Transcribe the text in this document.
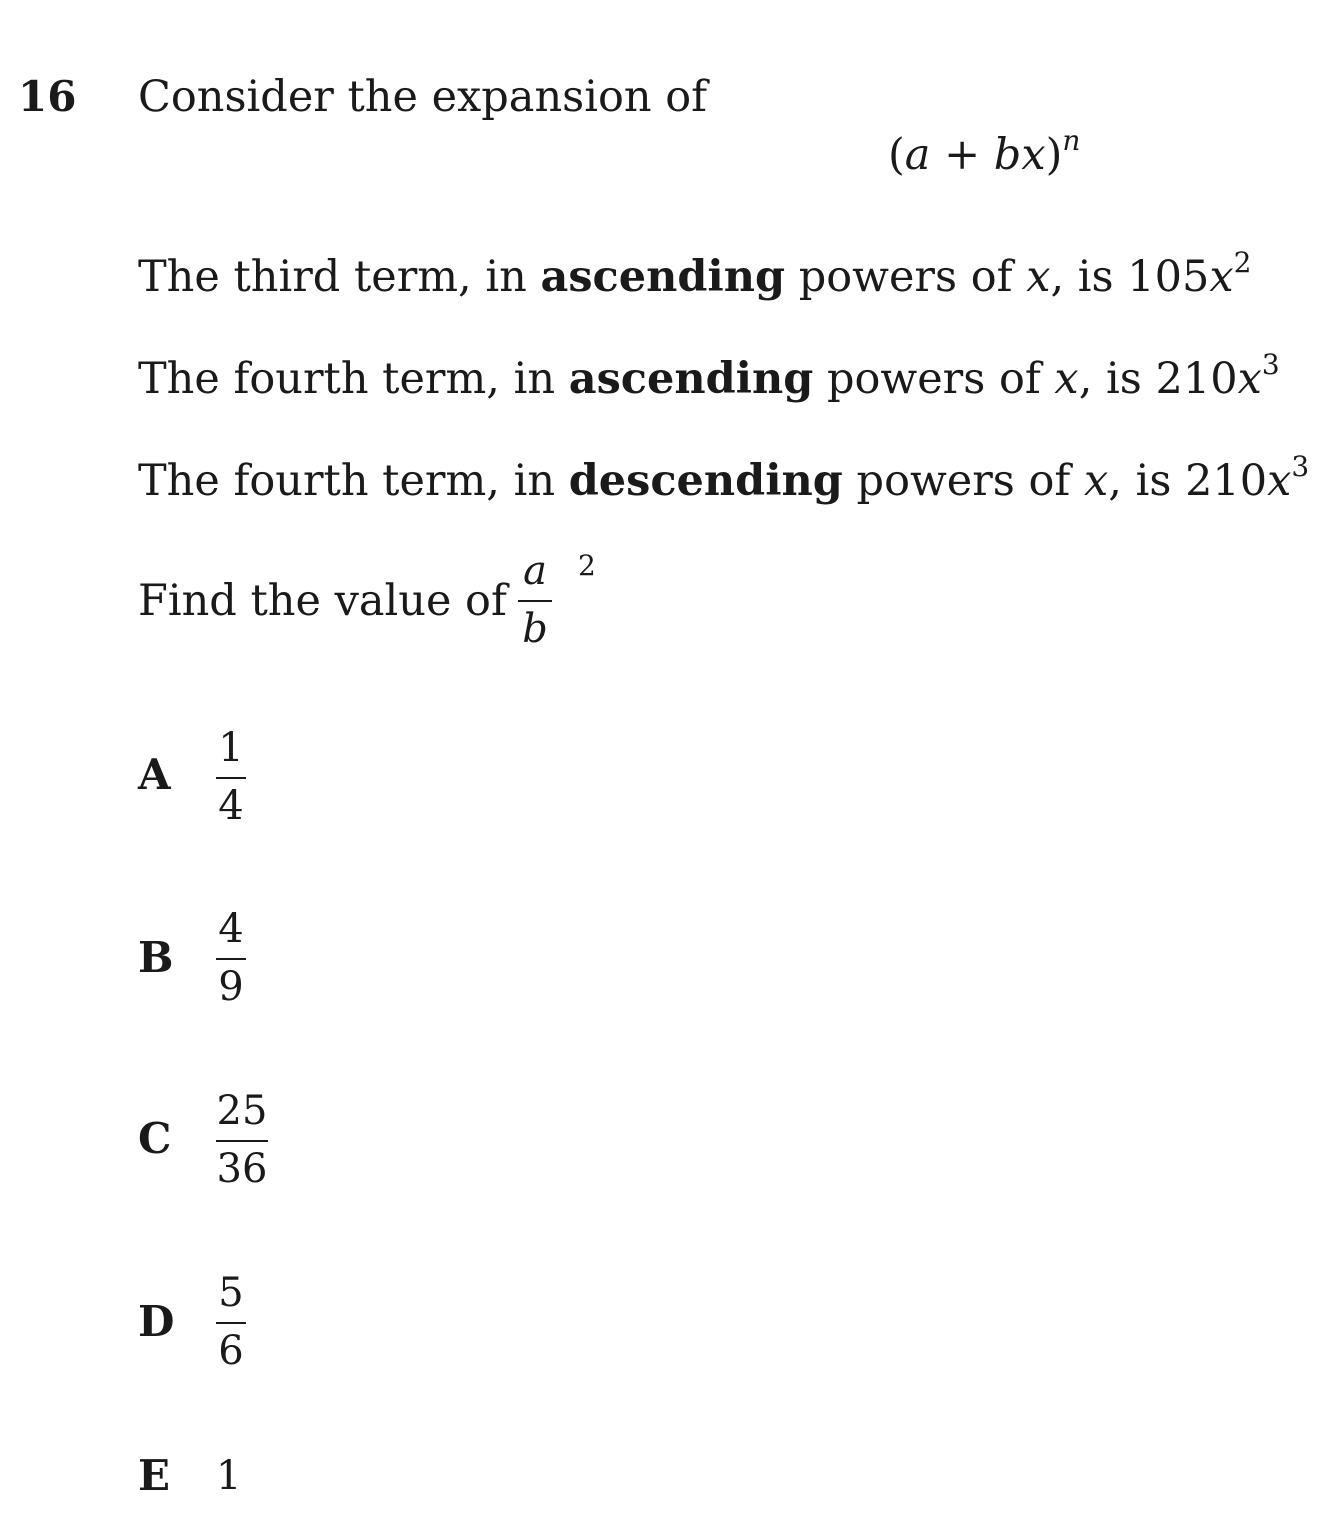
16 Consider the expansion of
(a + bx)$^n$
The third term, in ascending powers of x, is $105x^2$
The fourth term, in ascending powers of x, is $210x^3$
The fourth term, in descending powers of x, is $210x^3$
Find the value of
a
b
2
A
1
4
B
4
9
C
25
36
D
5
6
E 1
